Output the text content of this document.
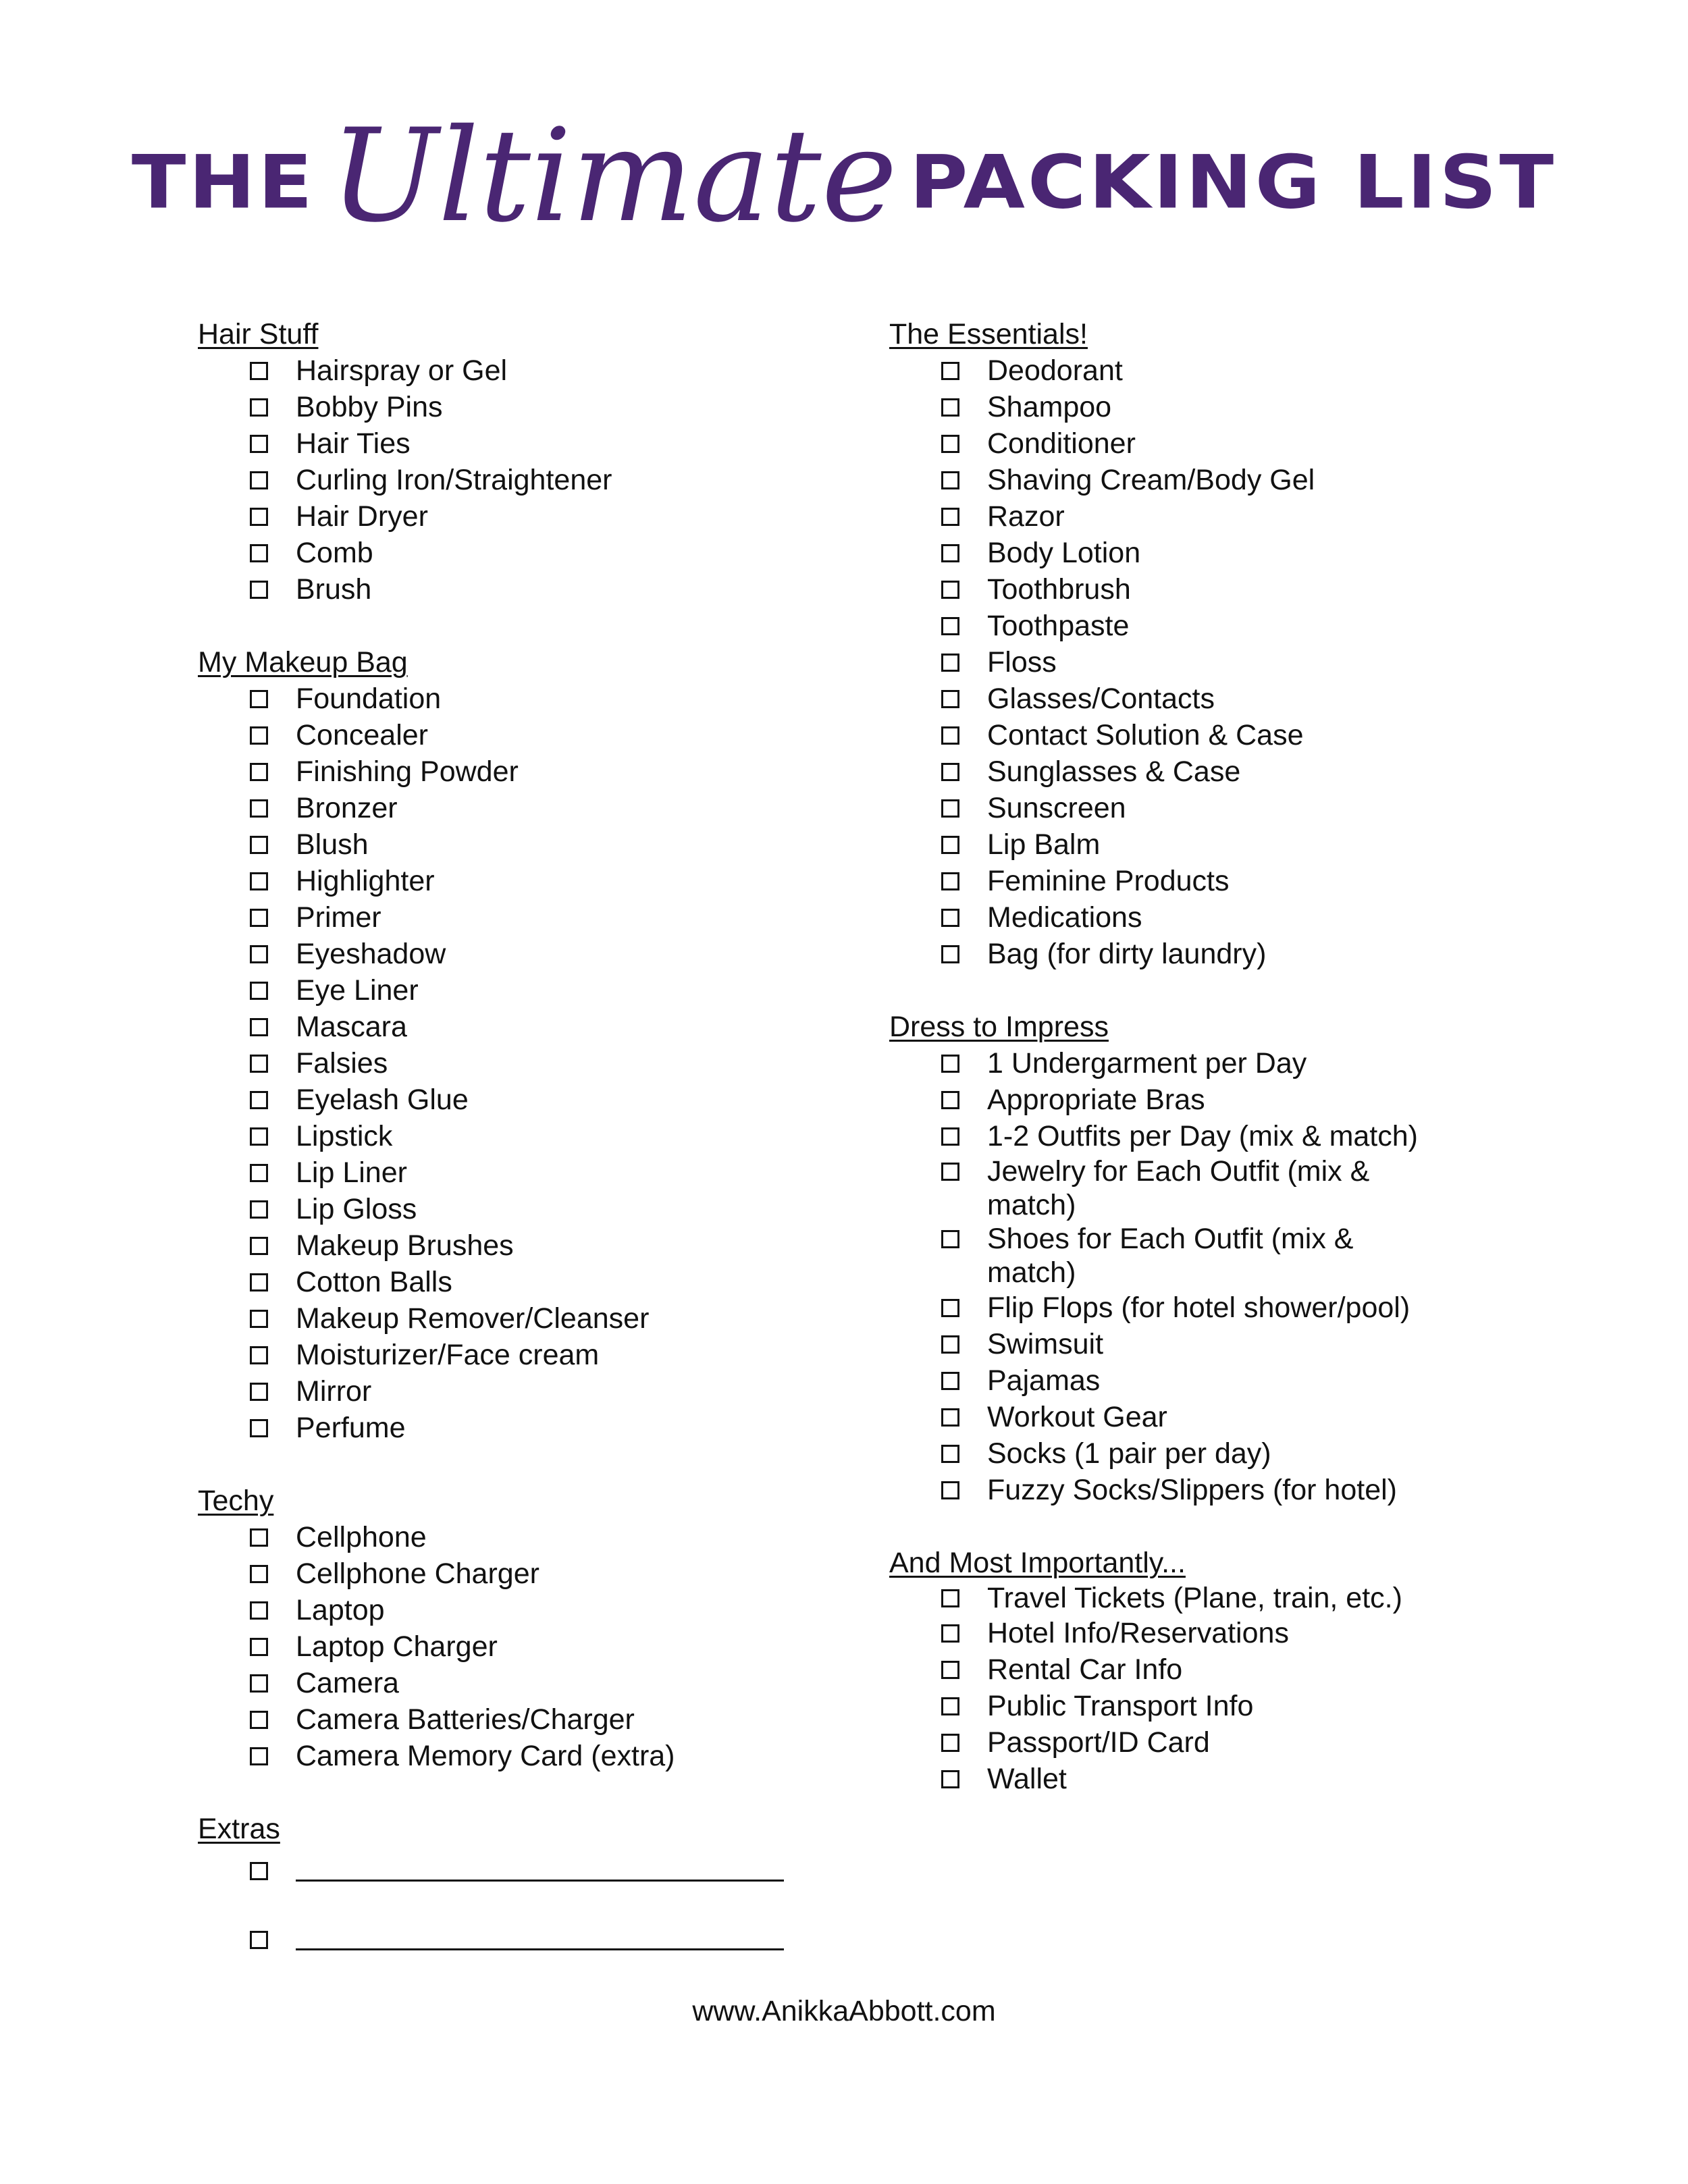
THE Ultimate PACKING LIST
Hair Stuff
Hairspray or Gel
Bobby Pins
Hair Ties
Curling Iron/Straightener
Hair Dryer
Comb
Brush
My Makeup Bag
Foundation
Concealer
Finishing Powder
Bronzer
Blush
Highlighter
Primer
Eyeshadow
Eye Liner
Mascara
Falsies
Eyelash Glue
Lipstick
Lip Liner
Lip Gloss
Makeup Brushes
Cotton Balls
Makeup Remover/Cleanser
Moisturizer/Face cream
Mirror
Perfume
Techy
Cellphone
Cellphone Charger
Laptop
Laptop Charger
Camera
Camera Batteries/Charger
Camera Memory Card (extra)
Extras
The Essentials!
Deodorant
Shampoo
Conditioner
Shaving Cream/Body Gel
Razor
Body Lotion
Toothbrush
Toothpaste
Floss
Glasses/Contacts
Contact Solution & Case
Sunglasses & Case
Sunscreen
Lip Balm
Feminine Products
Medications
Bag (for dirty laundry)
Dress to Impress
1 Undergarment per Day
Appropriate Bras
1-2 Outfits per Day (mix & match)
Jewelry for Each Outfit (mix & match)
Shoes for Each Outfit (mix & match)
Flip Flops (for hotel shower/pool)
Swimsuit
Pajamas
Workout Gear
Socks (1 pair per day)
Fuzzy Socks/Slippers (for hotel)
And Most Importantly...
Travel Tickets (Plane, train, etc.)
Hotel Info/Reservations
Rental Car Info
Public Transport Info
Passport/ID Card
Wallet
www.AnikkaAbbott.com
